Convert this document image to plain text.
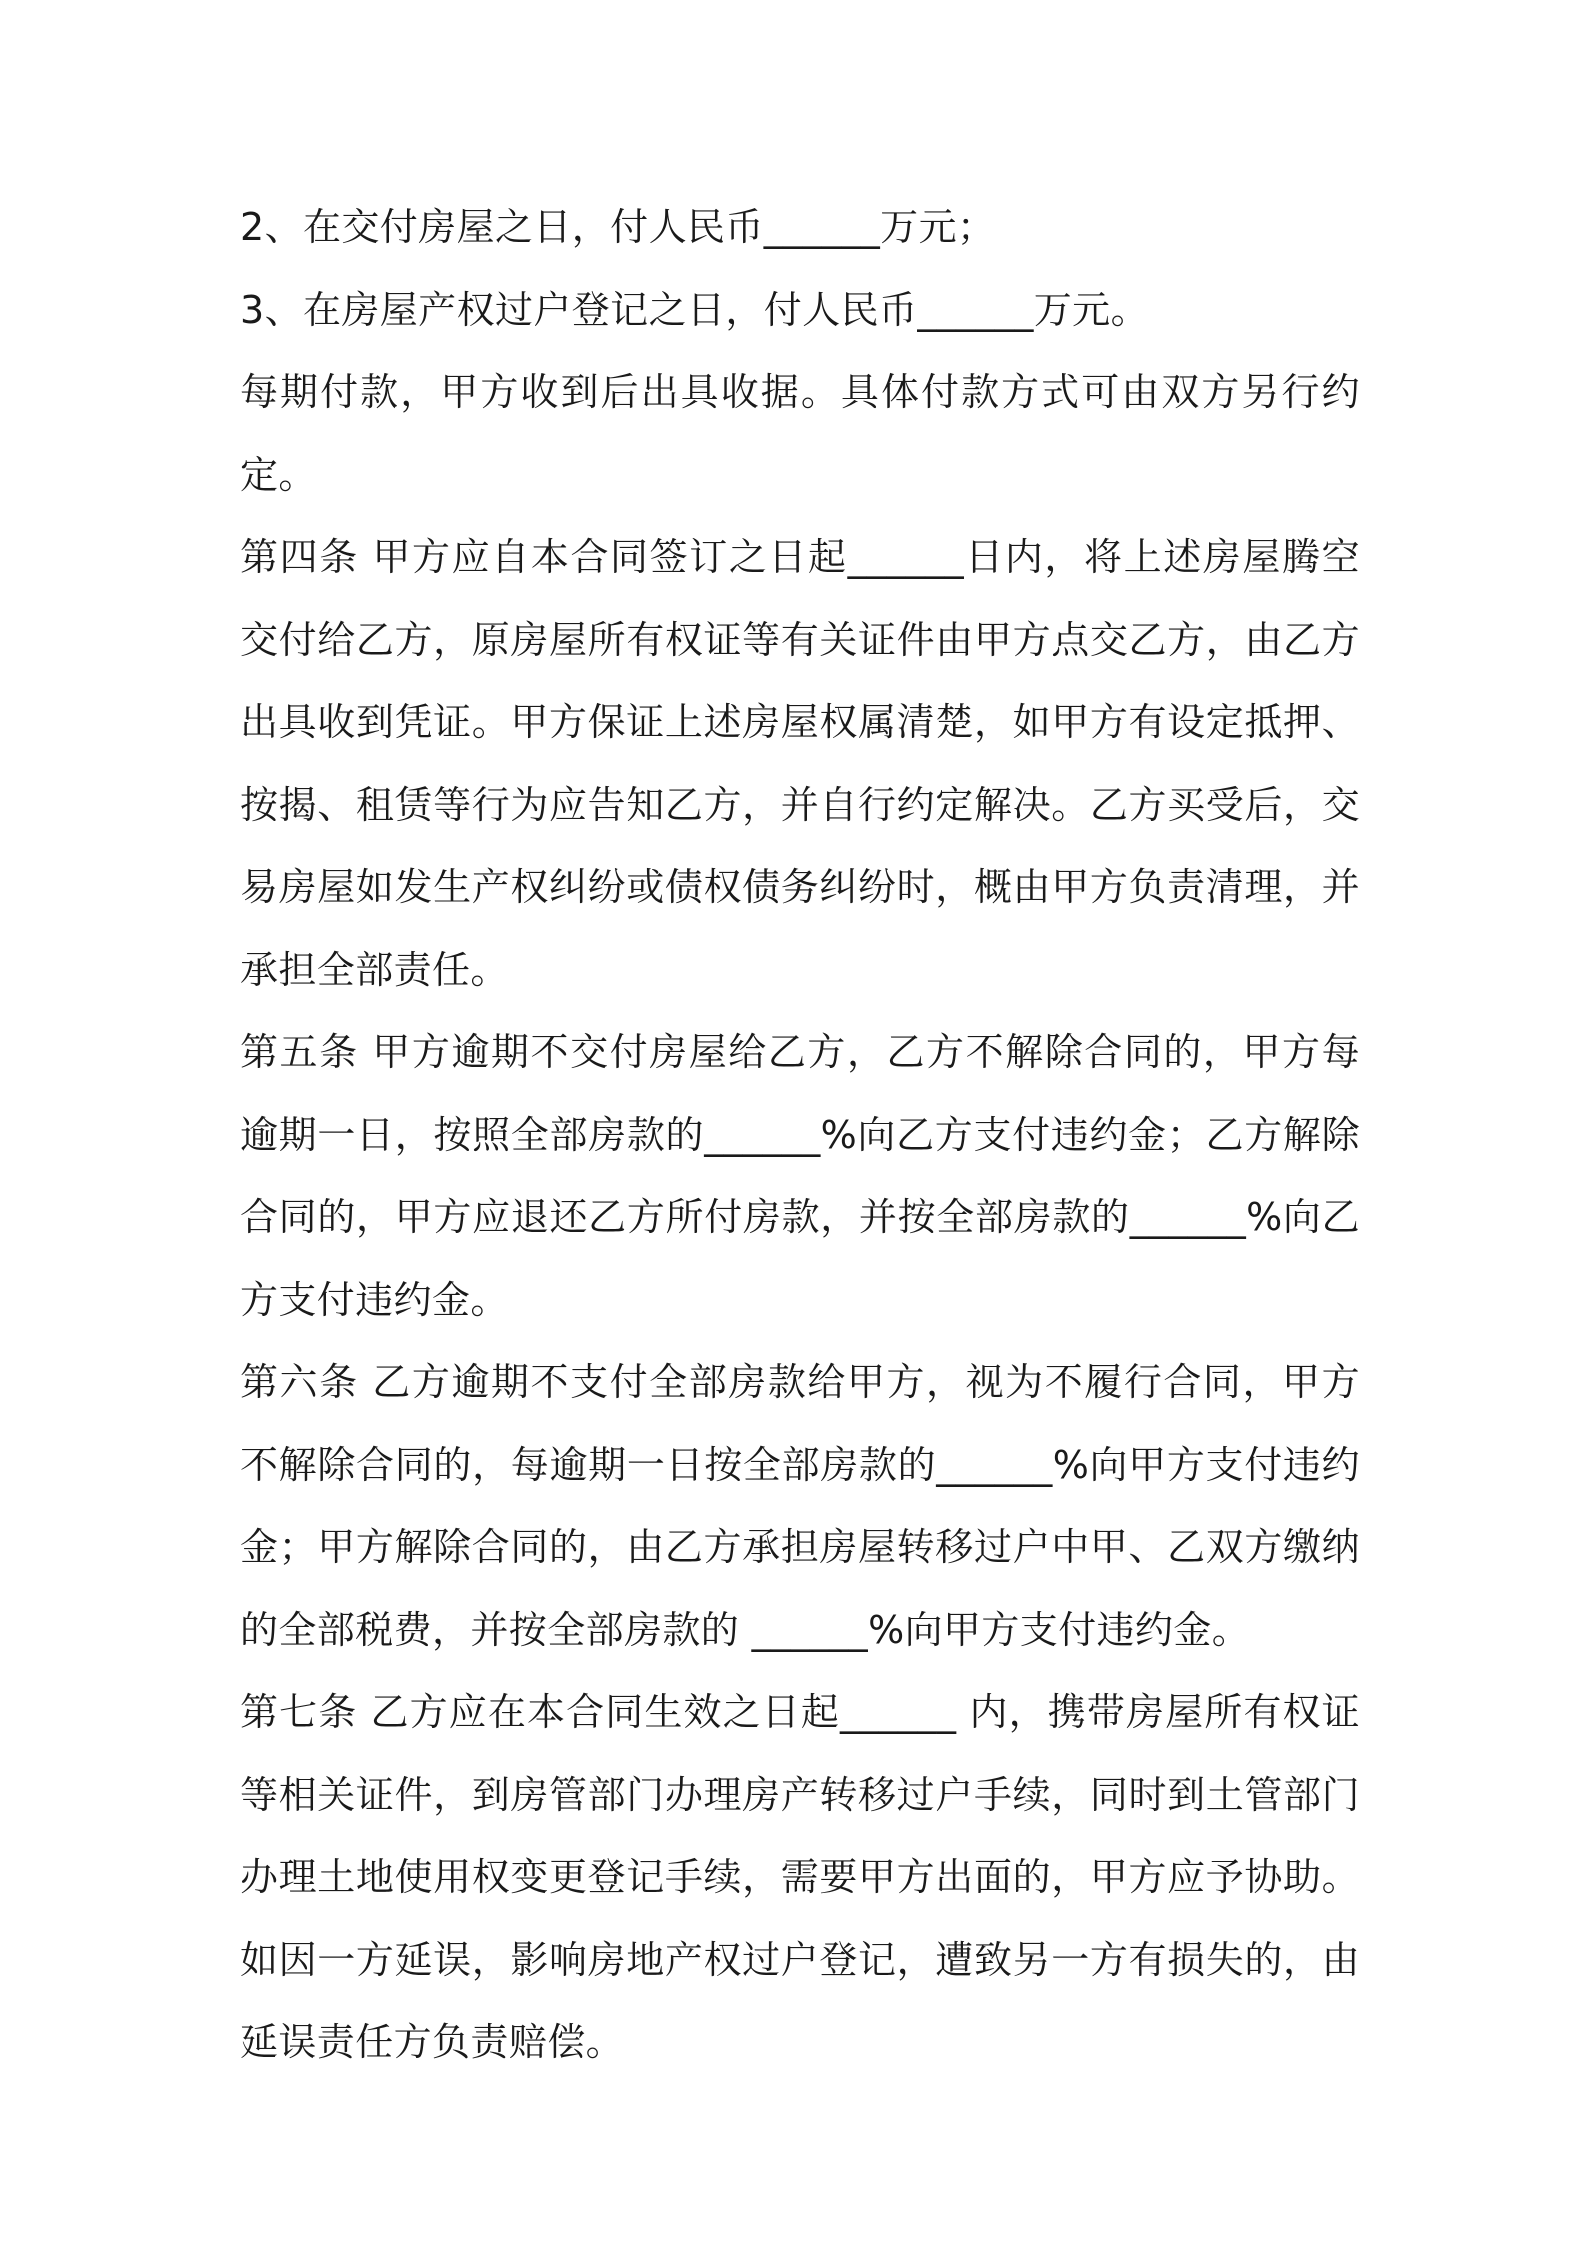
2、在交付房屋之日，付人民币______万元；

3、在房屋产权过户登记之日，付人民币______万元。

每期付款，甲方收到后出具收据。具体付款方式可由双方另行约定。

第四条 甲方应自本合同签订之日起______日内，将上述房屋腾空交付给乙方，原房屋所有权证等有关证件由甲方点交乙方，由乙方出具收到凭证。甲方保证上述房屋权属清楚，如甲方有设定抵押、按揭、租赁等行为应告知乙方，并自行约定解决。乙方买受后，交易房屋如发生产权纠纷或债权债务纠纷时，概由甲方负责清理，并承担全部责任。

第五条 甲方逾期不交付房屋给乙方，乙方不解除合同的，甲方每逾期一日，按照全部房款的______%向乙方支付违约金；乙方解除合同的，甲方应退还乙方所付房款，并按全部房款的______%向乙方支付违约金。

第六条 乙方逾期不支付全部房款给甲方，视为不履行合同，甲方不解除合同的，每逾期一日按全部房款的______%向甲方支付违约金；甲方解除合同的，由乙方承担房屋转移过户中甲、乙双方缴纳的全部税费，并按全部房款的 ______%向甲方支付违约金。

第七条 乙方应在本合同生效之日起______ 内，携带房屋所有权证等相关证件，到房管部门办理房产转移过户手续，同时到土管部门办理土地使用权变更登记手续，需要甲方出面的，甲方应予协助。如因一方延误，影响房地产权过户登记，遭致另一方有损失的，由延误责任方负责赔偿。
